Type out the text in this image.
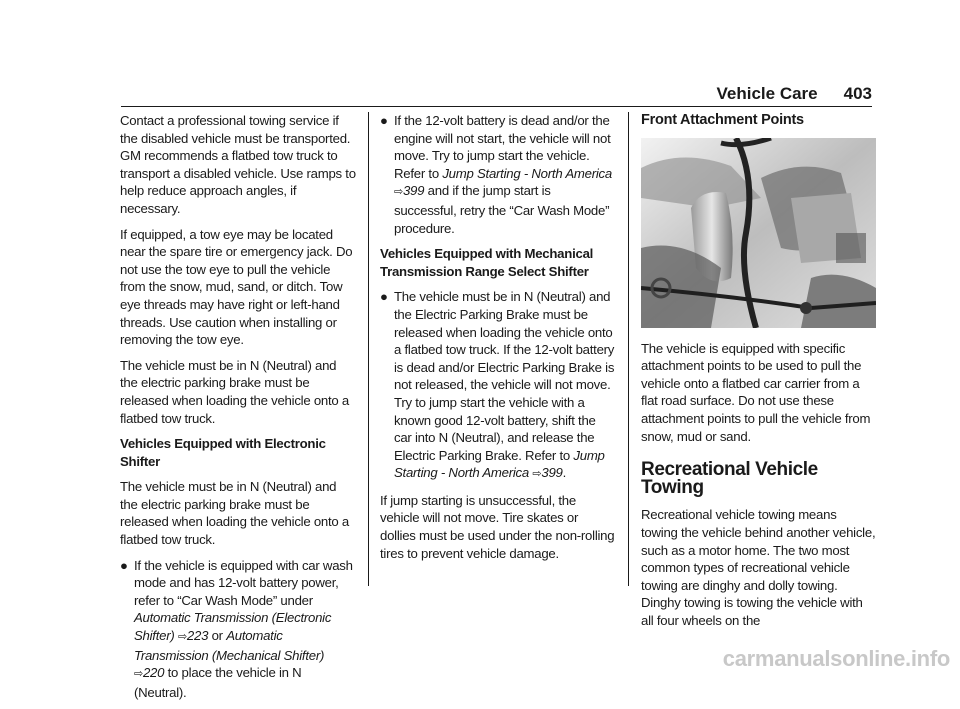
Vehicle Care 403

Contact a professional towing service if the disabled vehicle must be transported. GM recommends a flatbed tow truck to transport a disabled vehicle. Use ramps to help reduce approach angles, if necessary.

If equipped, a tow eye may be located near the spare tire or emergency jack. Do not use the tow eye to pull the vehicle from the snow, mud, sand, or ditch. Tow eye threads may have right or left-hand threads. Use caution when installing or removing the tow eye.

The vehicle must be in N (Neutral) and the electric parking brake must be released when loading the vehicle onto a flatbed tow truck.

Vehicles Equipped with Electronic Shifter

The vehicle must be in N (Neutral) and the electric parking brake must be released when loading the vehicle onto a flatbed tow truck.

● If the vehicle is equipped with car wash mode and has 12-volt battery power, refer to “Car Wash Mode” under Automatic Transmission (Electronic Shifter) ⇨223 or Automatic Transmission (Mechanical Shifter) ⇨220 to place the vehicle in N (Neutral).
● If the 12-volt battery is dead and/or the engine will not start, the vehicle will not move. Try to jump start the vehicle. Refer to Jump Starting - North America ⇨399 and if the jump start is successful, retry the “Car Wash Mode” procedure.

Vehicles Equipped with Mechanical Transmission Range Select Shifter

● The vehicle must be in N (Neutral) and the Electric Parking Brake must be released when loading the vehicle onto a flatbed tow truck. If the 12-volt battery is dead and/or Electric Parking Brake is not released, the vehicle will not move. Try to jump start the vehicle with a known good 12-volt battery, shift the car into N (Neutral), and release the Electric Parking Brake. Refer to Jump Starting - North America ⇨399.

If jump starting is unsuccessful, the vehicle will not move. Tire skates or dollies must be used under the non-rolling tires to prevent vehicle damage.

Front Attachment Points

The vehicle is equipped with specific attachment points to be used to pull the vehicle onto a flatbed car carrier from a flat road surface. Do not use these attachment points to pull the vehicle from snow, mud or sand.

Recreational Vehicle Towing

Recreational vehicle towing means towing the vehicle behind another vehicle, such as a motor home. The two most common types of recreational vehicle towing are dinghy and dolly towing. Dinghy towing is towing the vehicle with all four wheels on the

carmanualsonline.info
